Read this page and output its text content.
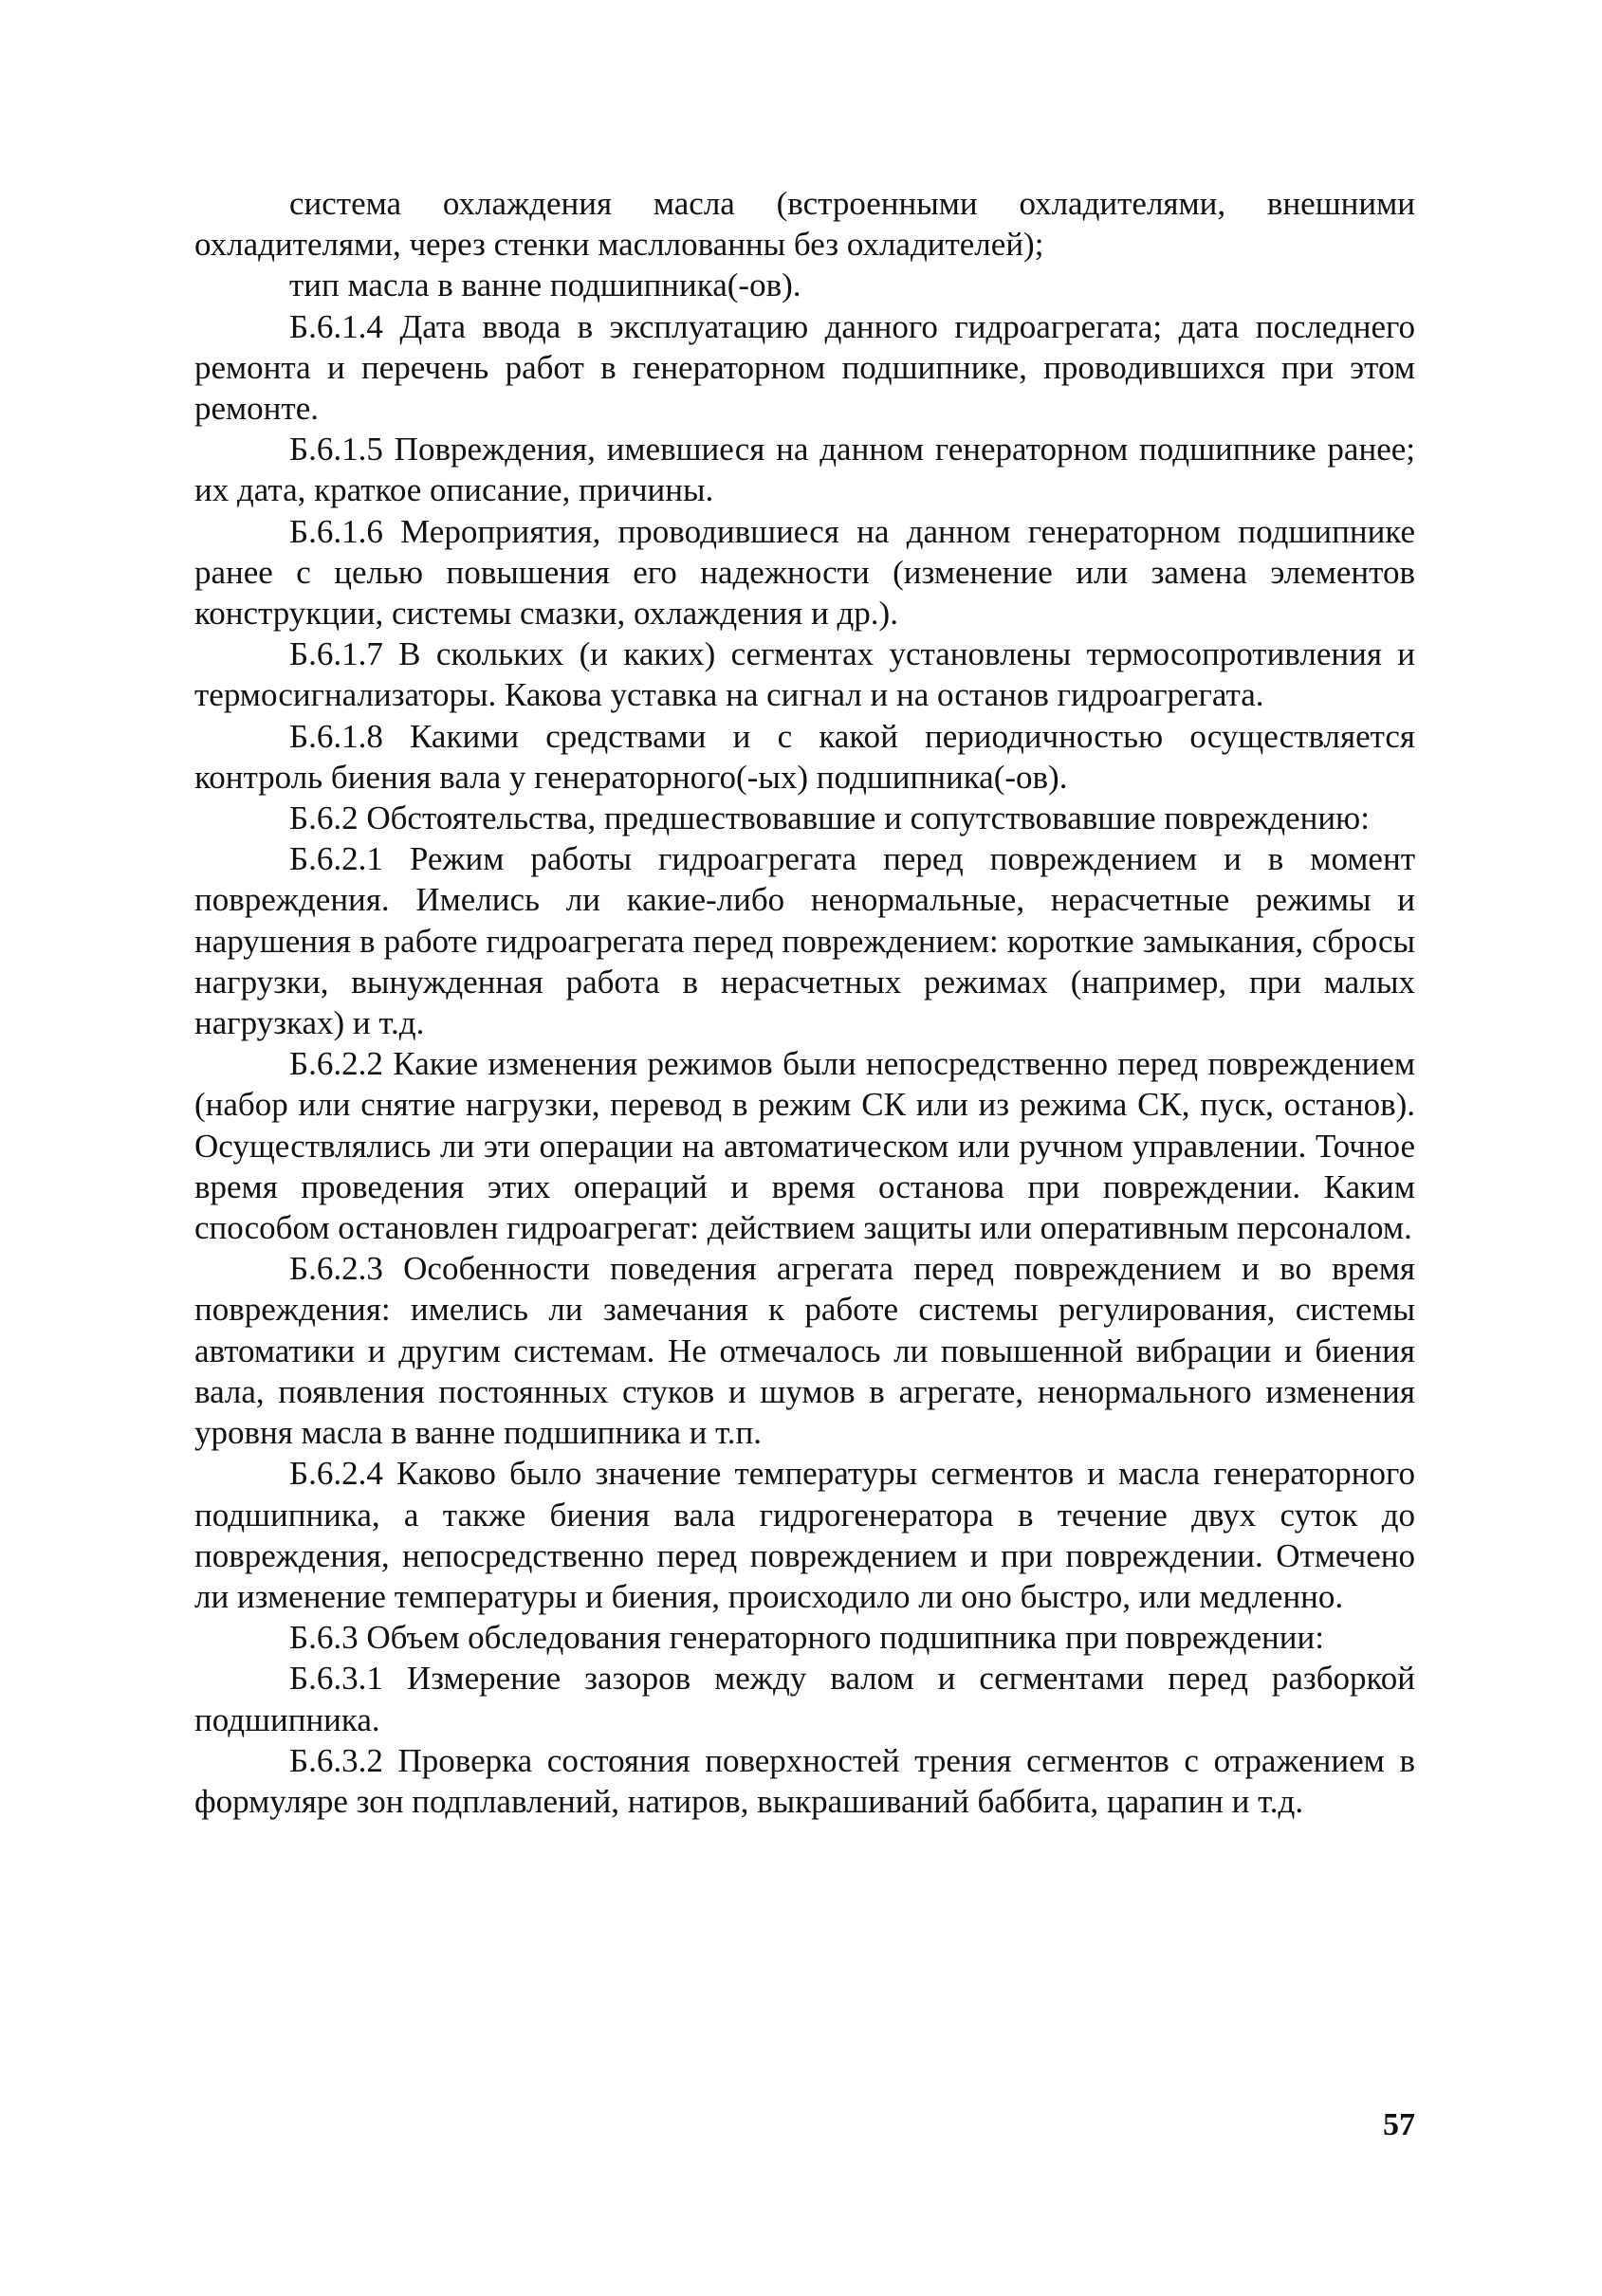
система охлаждения масла (встроенными охладителями, внешними охладителями, через стенки масллованны без охладителей);

тип масла в ванне подшипника(-ов).

Б.6.1.4 Дата ввода в эксплуатацию данного гидроагрегата; дата последнего ремонта и перечень работ в генераторном подшипнике, проводившихся при этом ремонте.

Б.6.1.5 Повреждения, имевшиеся на данном генераторном подшипнике ранее; их дата, краткое описание, причины.

Б.6.1.6 Мероприятия, проводившиеся на данном генераторном подшипнике ранее с целью повышения его надежности (изменение или замена элементов конструкции, системы смазки, охлаждения и др.).

Б.6.1.7 В скольких (и каких) сегментах установлены термосопротивления и термосигнализаторы. Какова уставка на сигнал и на останов гидроагрегата.

Б.6.1.8 Какими средствами и с какой периодичностью осуществляется контроль биения вала у генераторного(-ых) подшипника(-ов).

Б.6.2 Обстоятельства, предшествовавшие и сопутствовавшие повреждению:

Б.6.2.1 Режим работы гидроагрегата перед повреждением и в момент повреждения. Имелись ли какие-либо ненормальные, нерасчетные режимы и нарушения в работе гидроагрегата перед повреждением: короткие замыкания, сбросы нагрузки, вынужденная работа в нерасчетных режимах (например, при малых нагрузках) и т.д.

Б.6.2.2 Какие изменения режимов были непосредственно перед повреждением (набор или снятие нагрузки, перевод в режим СК или из режима СК, пуск, останов). Осуществлялись ли эти операции на автоматическом или ручном управлении. Точное время проведения этих операций и время останова при повреждении. Каким способом остановлен гидроагрегат: действием защиты или оперативным персоналом.

Б.6.2.3 Особенности поведения агрегата перед повреждением и во время повреждения: имелись ли замечания к работе системы регулирования, системы автоматики и другим системам. Не отмечалось ли повышенной вибрации и биения вала, появления постоянных стуков и шумов в агрегате, ненормального изменения уровня масла в ванне подшипника и т.п.

Б.6.2.4 Каково было значение температуры сегментов и масла генераторного подшипника, а также биения вала гидрогенератора в течение двух суток до повреждения, непосредственно перед повреждением и при повреждении. Отмечено ли изменение температуры и биения, происходило ли оно быстро, или медленно.

Б.6.3 Объем обследования генераторного подшипника при повреждении:

Б.6.3.1 Измерение зазоров между валом и сегментами перед разборкой подшипника.

Б.6.3.2 Проверка состояния поверхностей трения сегментов с отражением в формуляре зон подплавлений, натиров, выкрашиваний баббита, царапин и т.д.

57
